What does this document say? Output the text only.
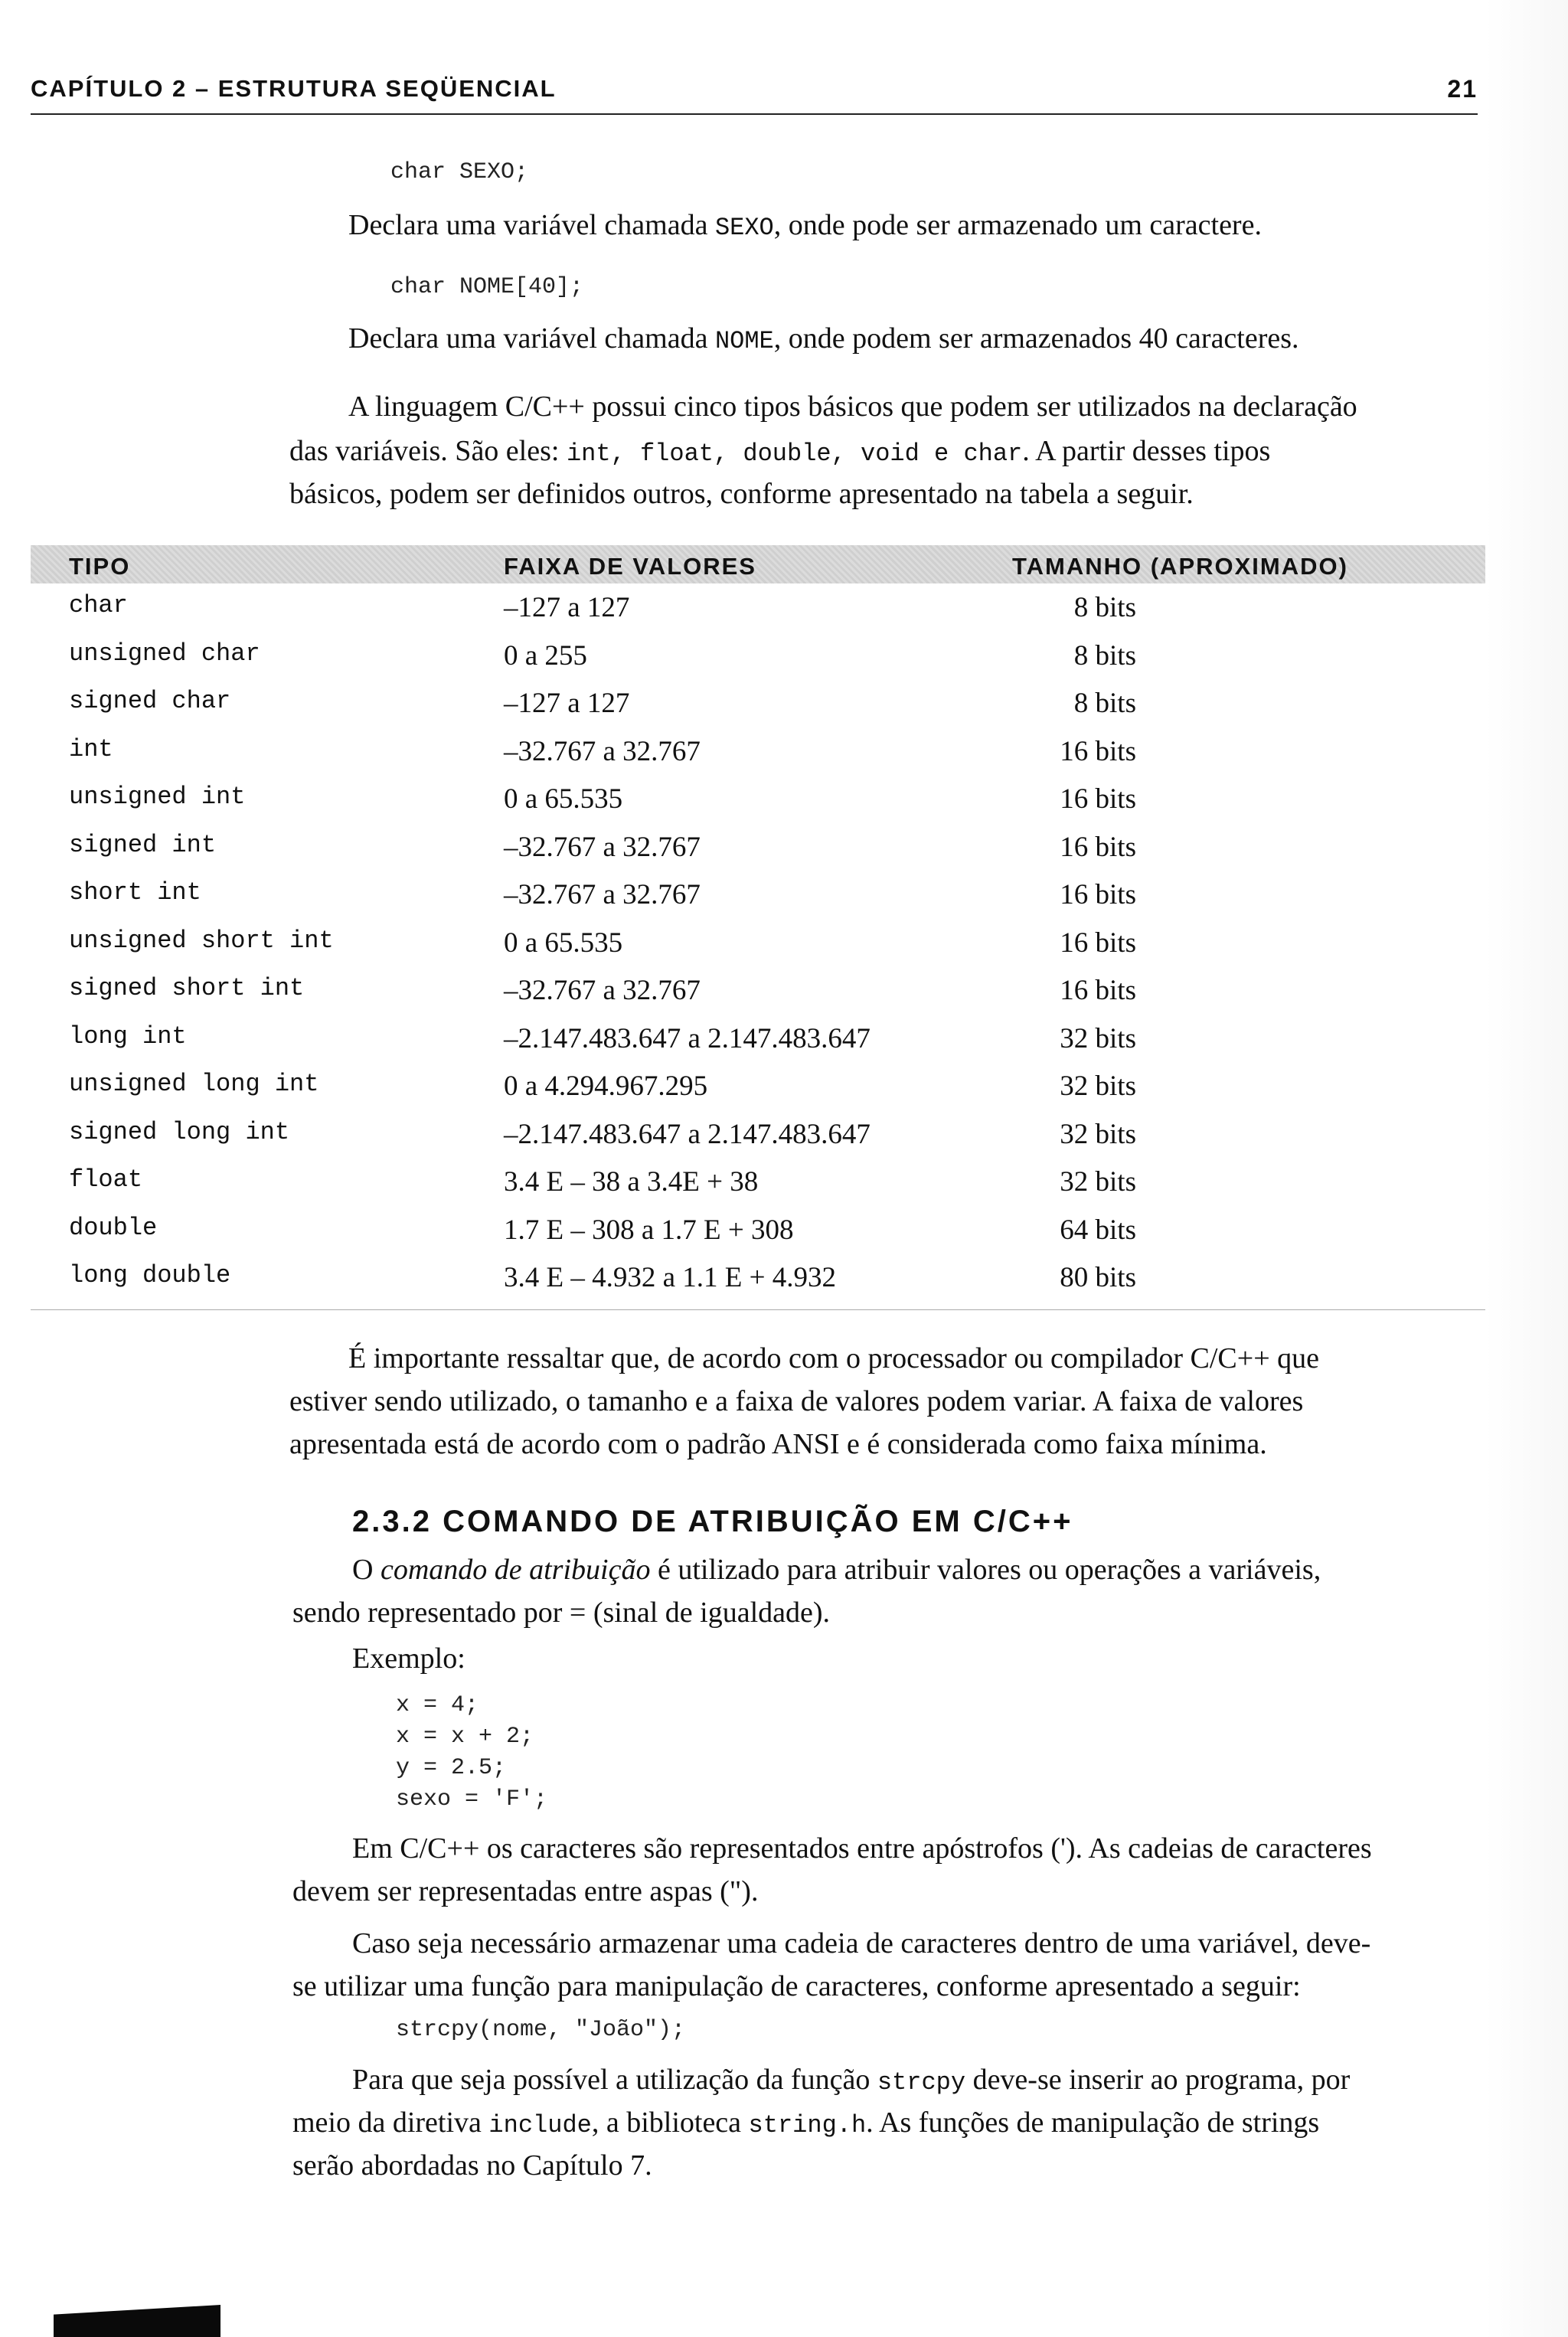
CAPÍTULO 2 – ESTRUTURA SEQÜENCIAL	21
char SEXO;
Declara uma variável chamada SEXO, onde pode ser armazenado um caractere.
char NOME[40];
Declara uma variável chamada NOME, onde podem ser armazenados 40 caracteres.
A linguagem C/C++ possui cinco tipos básicos que podem ser utilizados na declaração
das variáveis. São eles: int, float, double, void e char. A partir desses tipos
básicos, podem ser definidos outros, conforme apresentado na tabela a seguir.
TIPO	FAIXA DE VALORES	TAMANHO (APROXIMADO)
char	–127 a 127	8 bits
unsigned char	0 a 255	8 bits
signed char	–127 a 127	8 bits
int	–32.767 a 32.767	16 bits
unsigned int	0 a 65.535	16 bits
signed int	–32.767 a 32.767	16 bits
short int	–32.767 a 32.767	16 bits
unsigned short int	0 a 65.535	16 bits
signed short int	–32.767 a 32.767	16 bits
long int	–2.147.483.647 a 2.147.483.647	32 bits
unsigned long int	0 a 4.294.967.295	32 bits
signed long int	–2.147.483.647 a 2.147.483.647	32 bits
float	3.4 E – 38 a 3.4E + 38	32 bits
double	1.7 E – 308 a 1.7 E + 308	64 bits
long double	3.4 E – 4.932 a 1.1 E + 4.932	80 bits
É importante ressaltar que, de acordo com o processador ou compilador C/C++ que
estiver sendo utilizado, o tamanho e a faixa de valores podem variar. A faixa de valores
apresentada está de acordo com o padrão ANSI e é considerada como faixa mínima.
2.3.2 COMANDO DE ATRIBUIÇÃO EM C/C++
O comando de atribuição é utilizado para atribuir valores ou operações a variáveis,
sendo representado por = (sinal de igualdade).
Exemplo:
x = 4;
x = x + 2;
y = 2.5;
sexo = 'F';
Em C/C++ os caracteres são representados entre apóstrofos ('). As cadeias de caracteres
devem ser representadas entre aspas (").
Caso seja necessário armazenar uma cadeia de caracteres dentro de uma variável, deve-
se utilizar uma função para manipulação de caracteres, conforme apresentado a seguir:
strcpy(nome, "João");
Para que seja possível a utilização da função strcpy deve-se inserir ao programa, por
meio da diretiva include, a biblioteca string.h. As funções de manipulação de strings
serão abordadas no Capítulo 7.
